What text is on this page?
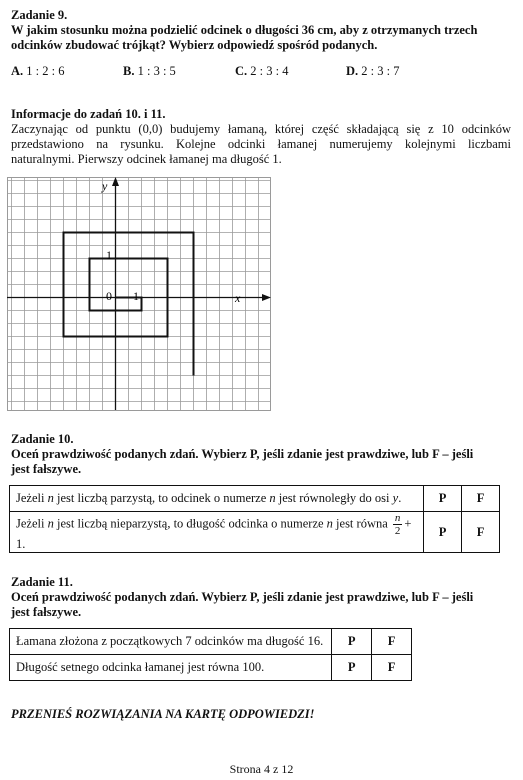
Zadanie 9.
W jakim stosunku można podzielić odcinek o długości 36 cm, aby z otrzymanych trzech
odcinków zbudować trójkąt? Wybierz odpowiedź spośród podanych.
A. 1 : 2 : 6	B. 1 : 3 : 5	C. 2 : 3 : 4	D. 2 : 3 : 7
Informacje do zadań 10. i 11.
Zaczynając od punktu (0,0) budujemy łamaną, której część składającą się z 10 odcinków
przedstawiono na rysunku. Kolejne odcinki łamanej numerujemy kolejnymi liczbami
naturalnymi. Pierwszy odcinek łamanej ma długość 1.
y
x
0 1
1
Zadanie 10.
Oceń prawdziwość podanych zdań. Wybierz P, jeśli zdanie jest prawdziwe, lub F – jeśli
jest fałszywe.
Jeżeli n jest liczbą parzystą, to odcinek o numerze n jest równoległy do osi y.	P	F
Jeżeli n jest liczbą nieparzystą, to długość odcinka o numerze n jest równa $\frac{n}{2} + 1$.	P	F
Zadanie 11.
Oceń prawdziwość podanych zdań. Wybierz P, jeśli zdanie jest prawdziwe, lub F – jeśli
jest fałszywe.
Łamana złożona z początkowych 7 odcinków ma długość 16.	P	F
Długość setnego odcinka łamanej jest równa 100.	P	F
PRZENIEŚ ROZWIĄZANIA NA KARTĘ ODPOWIEDZI!
Strona 4 z 12
